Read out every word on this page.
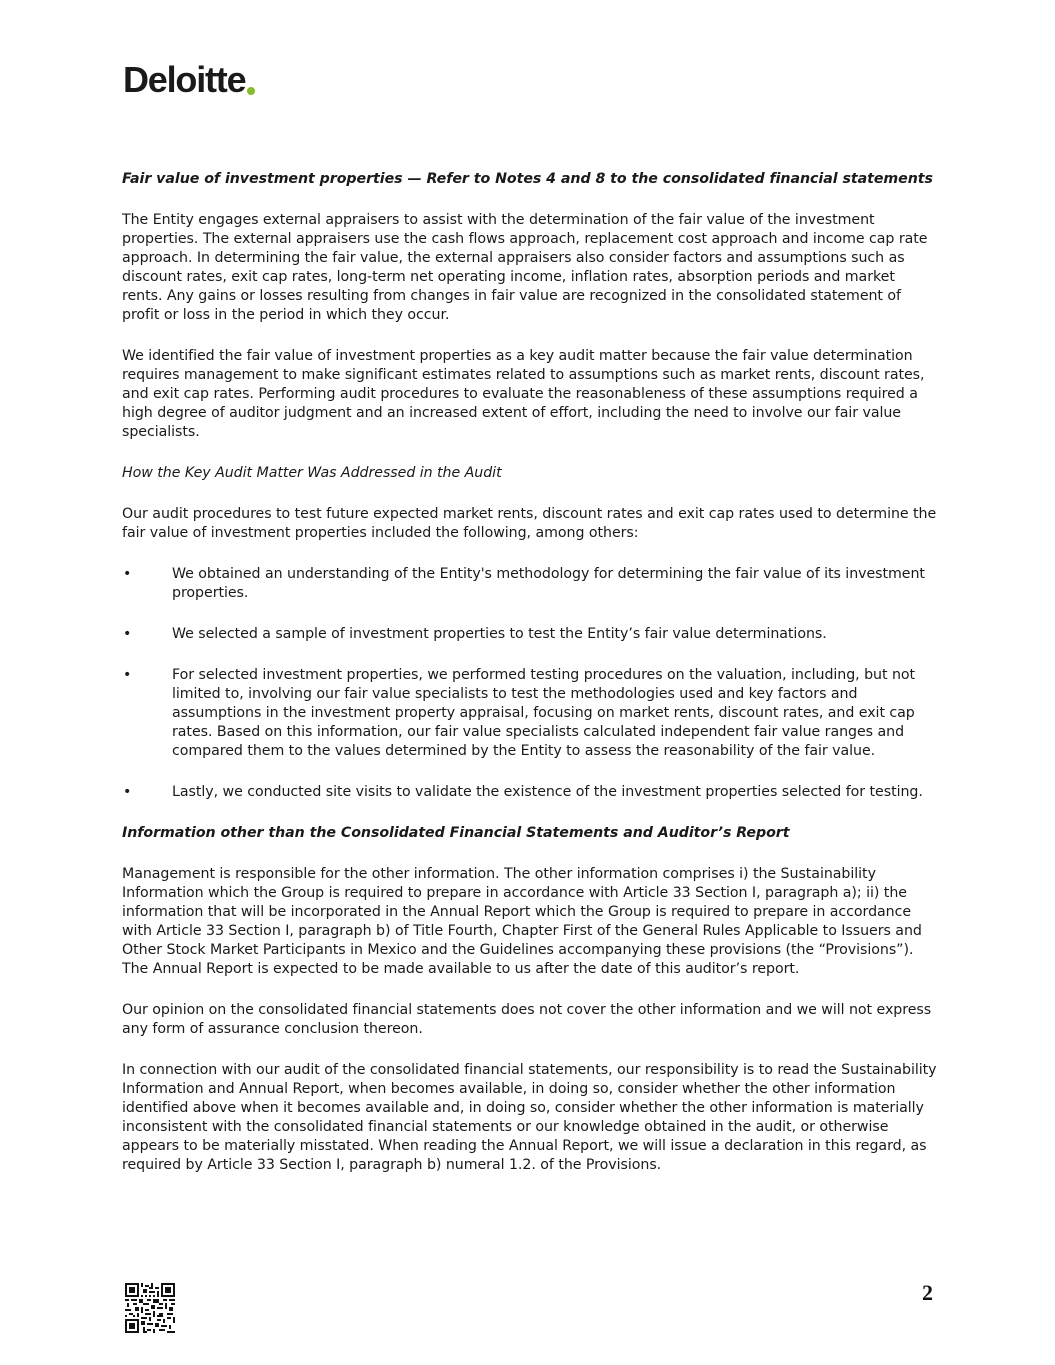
Deloitte

Fair value of investment properties — Refer to Notes 4 and 8 to the consolidated financial statements

The Entity engages external appraisers to assist with the determination of the fair value of the investment properties. The external appraisers use the cash flows approach, replacement cost approach and income cap rate approach. In determining the fair value, the external appraisers also consider factors and assumptions such as discount rates, exit cap rates, long-term net operating income, inflation rates, absorption periods and market rents. Any gains or losses resulting from changes in fair value are recognized in the consolidated statement of profit or loss in the period in which they occur.

We identified the fair value of investment properties as a key audit matter because the fair value determination requires management to make significant estimates related to assumptions such as market rents, discount rates, and exit cap rates. Performing audit procedures to evaluate the reasonableness of these assumptions required a high degree of auditor judgment and an increased extent of effort, including the need to involve our fair value specialists.

How the Key Audit Matter Was Addressed in the Audit

Our audit procedures to test future expected market rents, discount rates and exit cap rates used to determine the fair value of investment properties included the following, among others:

•	We obtained an understanding of the Entity's methodology for determining the fair value of its investment properties.
•	We selected a sample of investment properties to test the Entity’s fair value determinations.
•	For selected investment properties, we performed testing procedures on the valuation, including, but not limited to, involving our fair value specialists to test the methodologies used and key factors and assumptions in the investment property appraisal, focusing on market rents, discount rates, and exit cap rates. Based on this information, our fair value specialists calculated independent fair value ranges and compared them to the values determined by the Entity to assess the reasonability of the fair value.
•	Lastly, we conducted site visits to validate the existence of the investment properties selected for testing.

Information other than the Consolidated Financial Statements and Auditor’s Report

Management is responsible for the other information. The other information comprises i) the Sustainability Information which the Group is required to prepare in accordance with Article 33 Section I, paragraph a); ii) the information that will be incorporated in the Annual Report which the Group is required to prepare in accordance with Article 33 Section I, paragraph b) of Title Fourth, Chapter First of the General Rules Applicable to Issuers and Other Stock Market Participants in Mexico and the Guidelines accompanying these provisions (the “Provisions”). The Annual Report is expected to be made available to us after the date of this auditor’s report.

Our opinion on the consolidated financial statements does not cover the other information and we will not express any form of assurance conclusion thereon.

In connection with our audit of the consolidated financial statements, our responsibility is to read the Sustainability Information and Annual Report, when becomes available, in doing so, consider whether the other information identified above when it becomes available and, in doing so, consider whether the other information is materially inconsistent with the consolidated financial statements or our knowledge obtained in the audit, or otherwise appears to be materially misstated. When reading the Annual Report, we will issue a declaration in this regard, as required by Article 33 Section I, paragraph b) numeral 1.2. of the Provisions.

2
